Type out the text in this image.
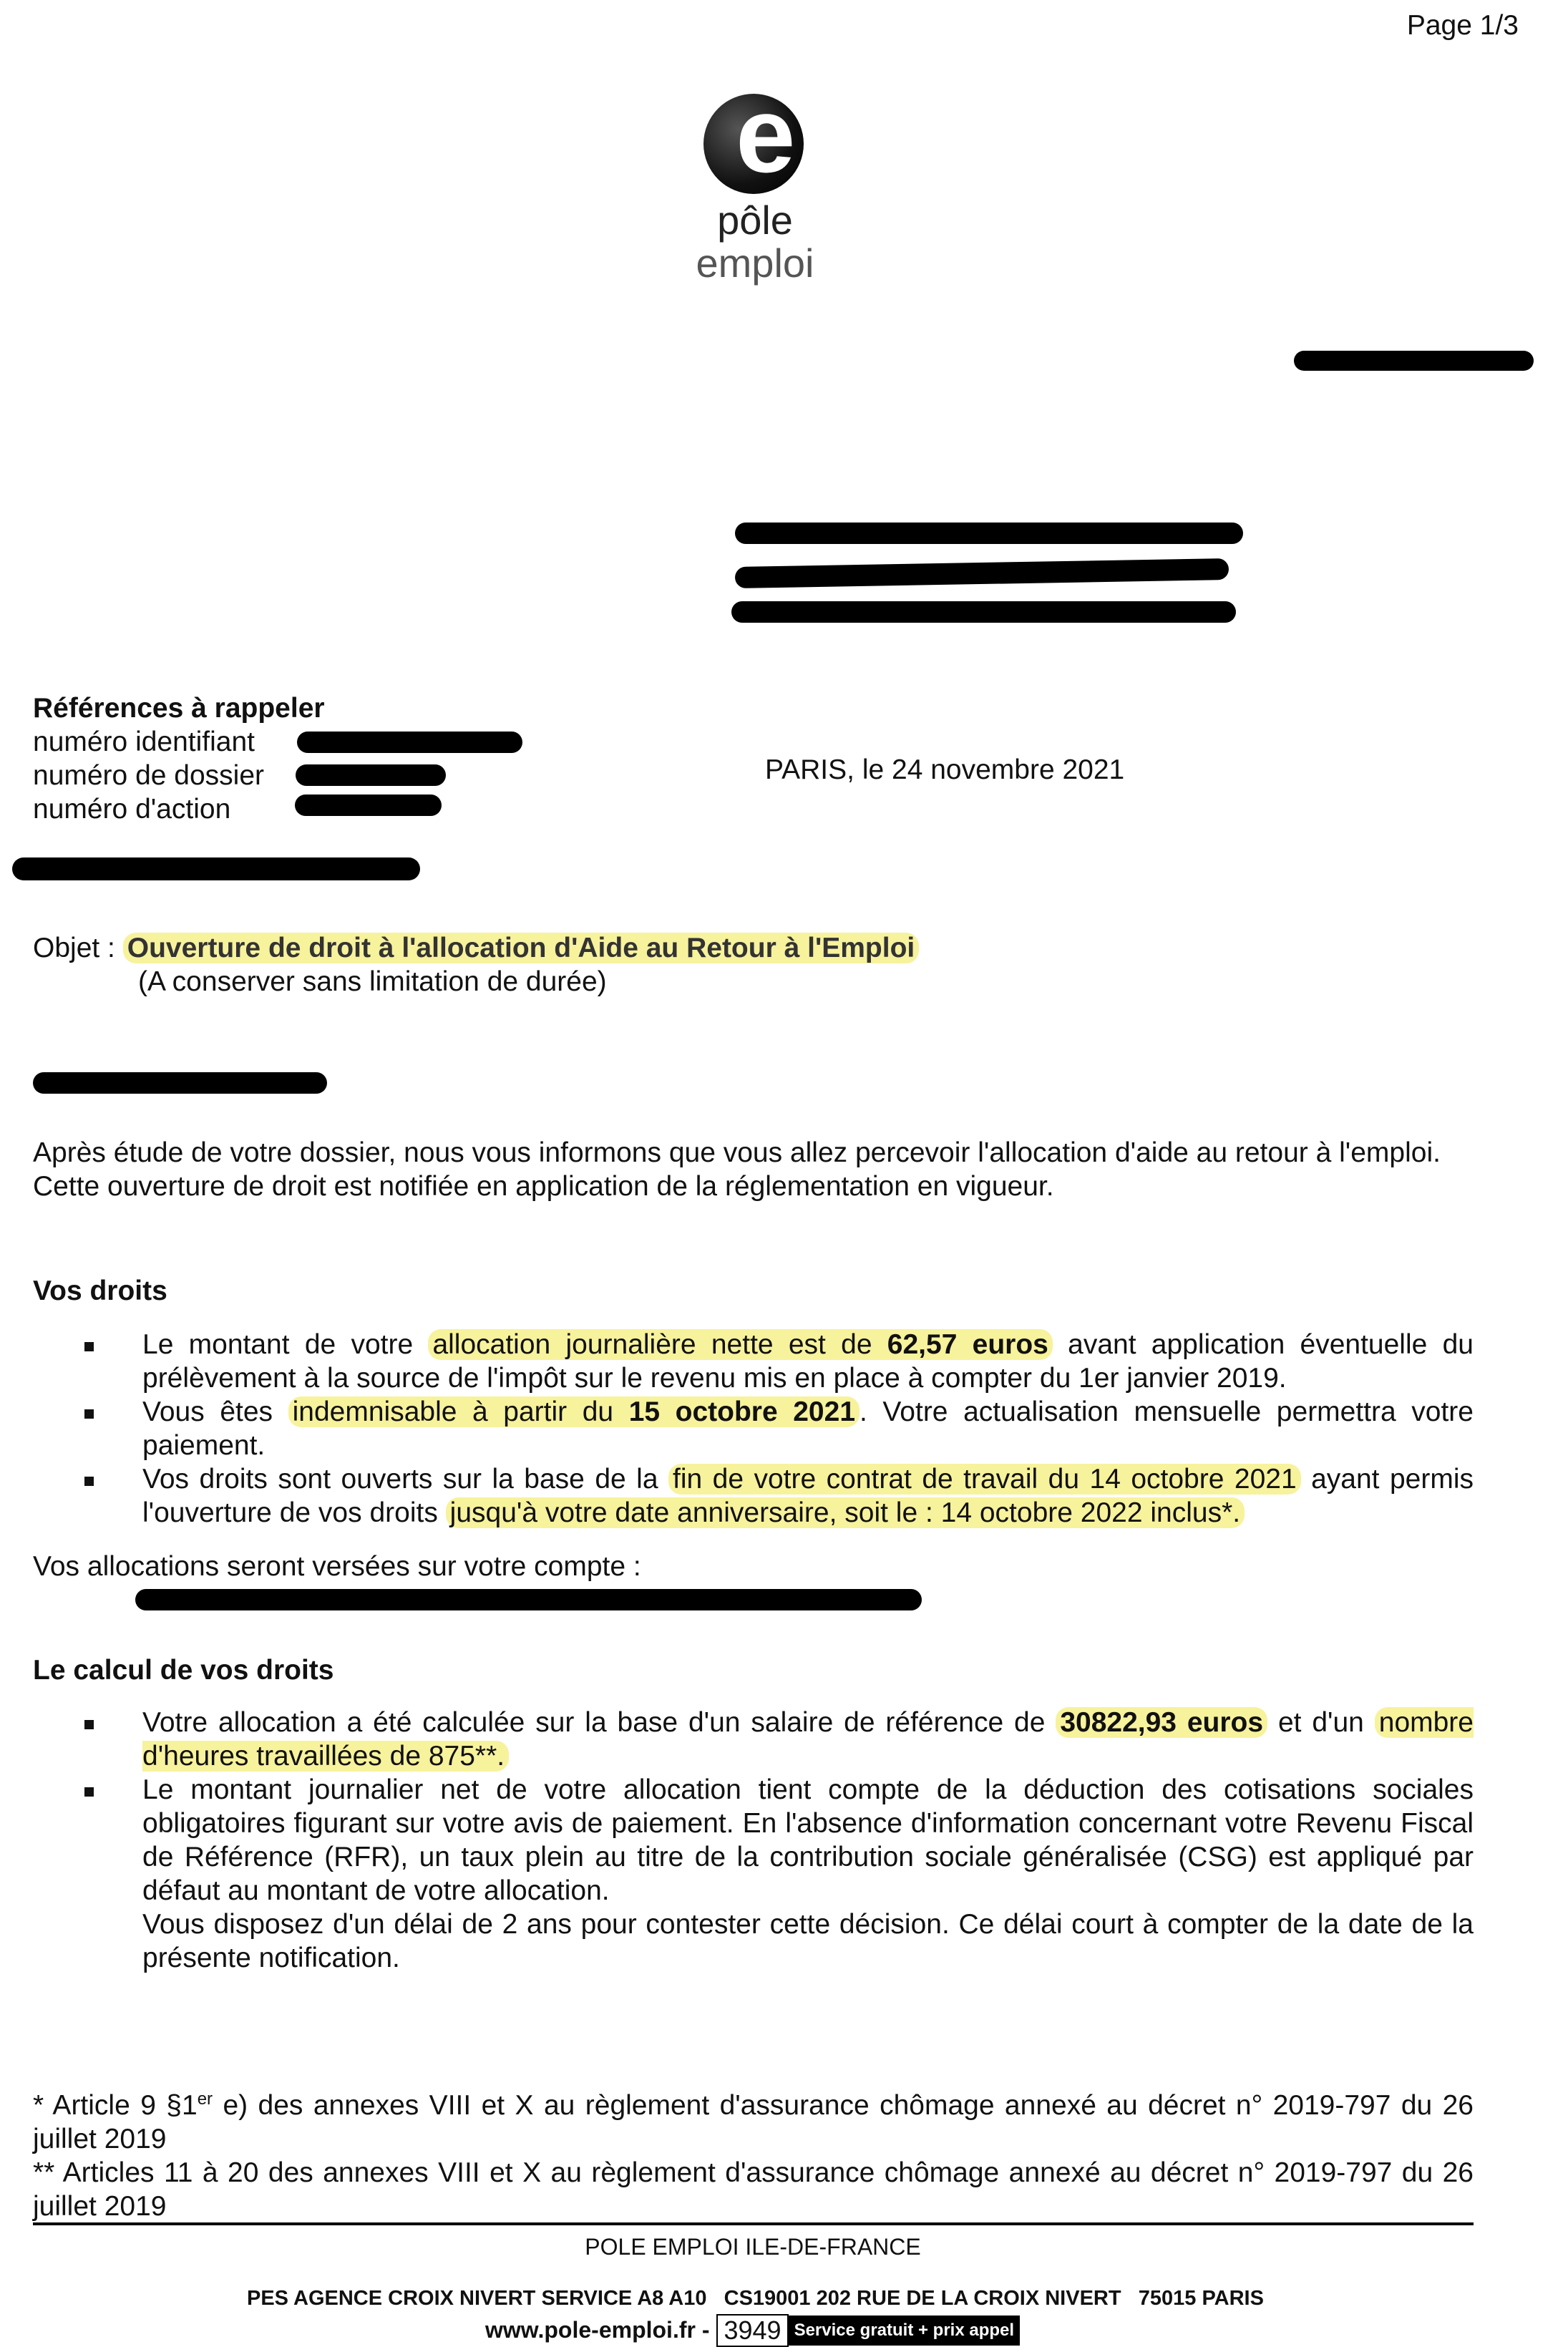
Page 1/3
e
pôle emploi
Références à rappeler
numéro identifiant
numéro de dossier
numéro d'action
PARIS, le 24 novembre 2021
Objet : Ouverture de droit à l'allocation d'Aide au Retour à l'Emploi
(A conserver sans limitation de durée)
Après étude de votre dossier, nous vous informons que vous allez percevoir l'allocation d'aide au retour à l'emploi.
Cette ouverture de droit est notifiée en application de la réglementation en vigueur.
Vos droits
Le montant de votre allocation journalière nette est de 62,57 euros avant application éventuelle du prélèvement à la source de l'impôt sur le revenu mis en place à compter du 1er janvier 2019.
Vous êtes indemnisable à partir du 15 octobre 2021 . Votre actualisation mensuelle permettra votre paiement.
Vos droits sont ouverts sur la base de la fin de votre contrat de travail du 14 octobre 2021 ayant permis l'ouverture de vos droits jusqu'à votre date anniversaire, soit le : 14 octobre 2022 inclus*.
Vos allocations seront versées sur votre compte :
Le calcul de vos droits
Votre allocation a été calculée sur la base d'un salaire de référence de 30822,93 euros et d'un nombre d'heures travaillées de 875**.
Le montant journalier net de votre allocation tient compte de la déduction des cotisations sociales obligatoires figurant sur votre avis de paiement. En l'absence d'information concernant votre Revenu Fiscal de Référence (RFR), un taux plein au titre de la contribution sociale généralisée (CSG) est appliqué par défaut au montant de votre allocation.
Vous disposez d'un délai de 2 ans pour contester cette décision. Ce délai court à compter de la date de la présente notification.
* Article 9 §1er e) des annexes VIII et X au règlement d'assurance chômage annexé au décret n° 2019-797 du 26 juillet 2019
** Articles 11 à 20 des annexes VIII et X au règlement d'assurance chômage annexé au décret n° 2019-797 du 26 juillet 2019
POLE EMPLOI ILE-DE-FRANCE
PES AGENCE CROIX NIVERT SERVICE A8 A10   CS19001 202 RUE DE LA CROIX NIVERT   75015 PARIS
www.pole-emploi.fr - 3949 Service gratuit + prix appel
